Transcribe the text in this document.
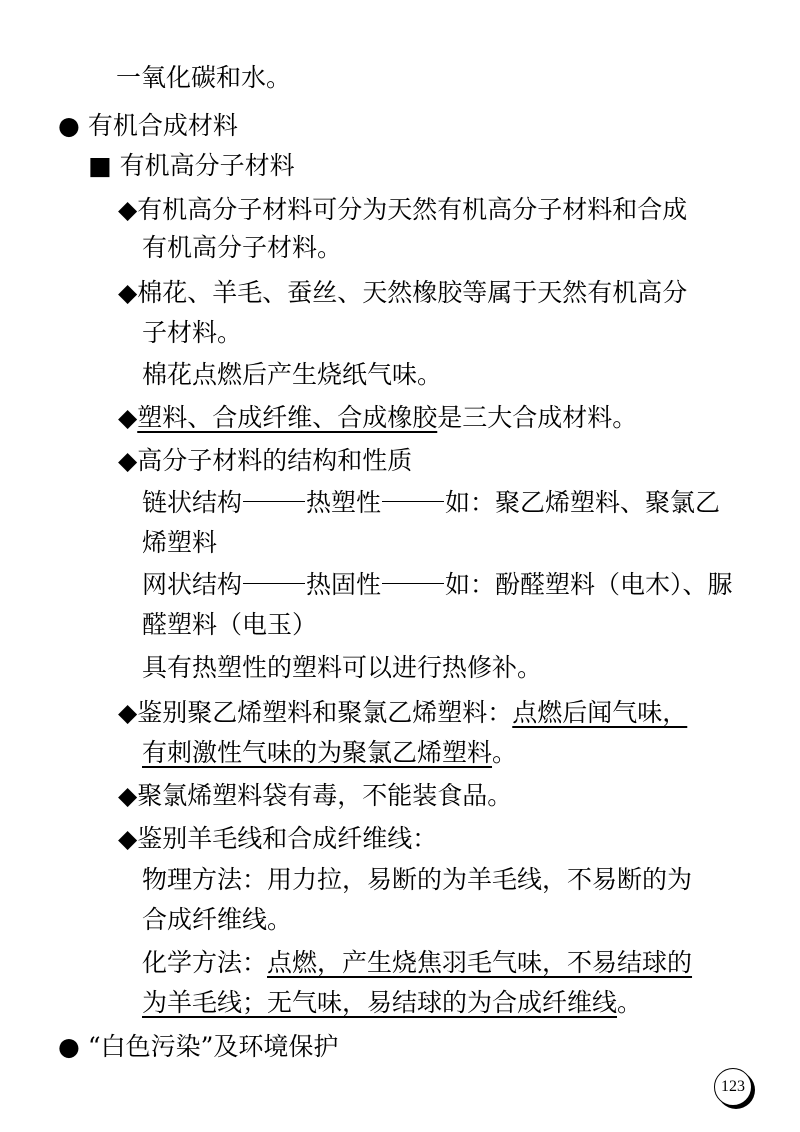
一氧化碳和水。
● 有机合成材料
■ 有机高分子材料
◆有机高分子材料可分为天然有机高分子材料和合成
有机高分子材料。
◆棉花、羊毛、蚕丝、天然橡胶等属于天然有机高分
子材料。
棉花点燃后产生烧纸气味。
◆塑料、合成纤维、合成橡胶是三大合成材料。
◆高分子材料的结构和性质
链状结构	热塑性	如：聚乙烯塑料、聚氯乙
烯塑料
网状结构	热固性	如：酚醛塑料（电木）、脲
醛塑料（电玉）
具有热塑性的塑料可以进行热修补。
◆鉴别聚乙烯塑料和聚氯乙烯塑料：点燃后闻气味，
有刺激性气味的为聚氯乙烯塑料。
◆聚氯烯塑料袋有毒，不能装食品。
◆鉴别羊毛线和合成纤维线：
物理方法：用力拉，易断的为羊毛线，不易断的为
合成纤维线。
化学方法：点燃，产生烧焦羽毛气味，不易结球的
为羊毛线；无气味，易结球的为合成纤维线。
● “白色污染”及环境保护
123
